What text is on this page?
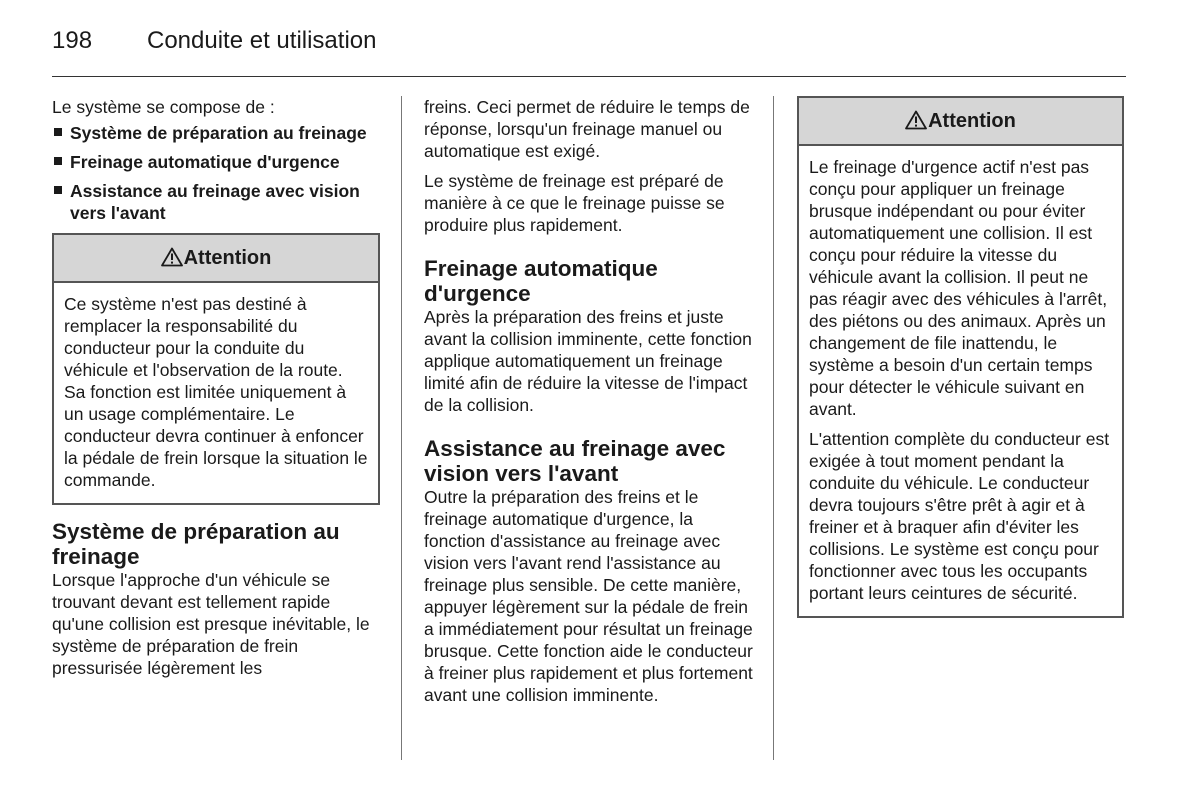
198 Conduite et utilisation

Le système se compose de :

Système de préparation au freinage
Freinage automatique d'urgence
Assistance au freinage avec vision vers l'avant
Attention

Ce système n'est pas destiné à remplacer la responsabilité du conducteur pour la conduite du véhicule et l'observation de la route. Sa fonction est limitée uniquement à un usage complémentaire. Le conducteur devra continuer à enfoncer la pédale de frein lorsque la situation le commande.

Système de préparation au freinage

Lorsque l'approche d'un véhicule se trouvant devant est tellement rapide qu'une collision est presque inévitable, le système de préparation de frein pressurisée légèrement les

freins. Ceci permet de réduire le temps de réponse, lorsqu'un freinage manuel ou automatique est exigé.

Le système de freinage est préparé de manière à ce que le freinage puisse se produire plus rapidement.

Freinage automatique d'urgence

Après la préparation des freins et juste avant la collision imminente, cette fonction applique automatiquement un freinage limité afin de réduire la vitesse de l'impact de la collision.

Assistance au freinage avec vision vers l'avant

Outre la préparation des freins et le freinage automatique d'urgence, la fonction d'assistance au freinage avec vision vers l'avant rend l'assistance au freinage plus sensible. De cette manière, appuyer légèrement sur la pédale de frein a immédiatement pour résultat un freinage brusque. Cette fonction aide le conducteur à freiner plus rapidement et plus fortement avant une collision imminente.

Attention

Le freinage d'urgence actif n'est pas conçu pour appliquer un freinage brusque indépendant ou pour éviter automatiquement une collision. Il est conçu pour réduire la vitesse du véhicule avant la collision. Il peut ne pas réagir avec des véhicules à l'arrêt, des piétons ou des animaux. Après un changement de file inattendu, le système a besoin d'un certain temps pour détecter le véhicule suivant en avant.

L'attention complète du conducteur est exigée à tout moment pendant la conduite du véhicule. Le conducteur devra toujours s'être prêt à agir et à freiner et à braquer afin d'éviter les collisions. Le système est conçu pour fonctionner avec tous les occupants portant leurs ceintures de sécurité.
